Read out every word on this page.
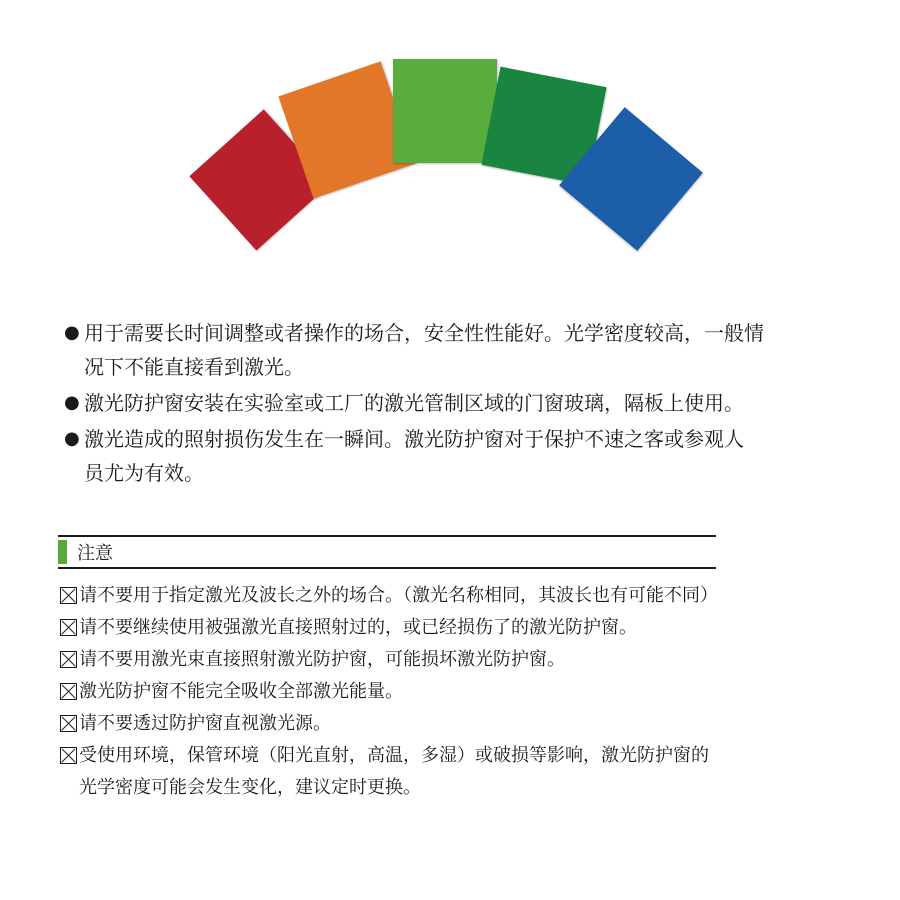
● 用于需要长时间调整或者操作的场合，安全性性能好。光学密度较高，一般情
况下不能直接看到激光。

● 激光防护窗安装在实验室或工厂的激光管制区域的门窗玻璃，隔板上使用。

● 激光造成的照射损伤发生在一瞬间。激光防护窗对于保护不速之客或参观人
员尤为有效。

注意
请不要用于指定激光及波长之外的场合。（激光名称相同，其波长也有可能不同）
请不要继续使用被强激光直接照射过的，或已经损伤了的激光防护窗。
请不要用激光束直接照射激光防护窗，可能损坏激光防护窗。
激光防护窗不能完全吸收全部激光能量。
请不要透过防护窗直视激光源。
受使用环境，保管环境（阳光直射，高温，多湿）或破损等影响，激光防护窗的光学密度可能会发生变化，建议定时更换。
